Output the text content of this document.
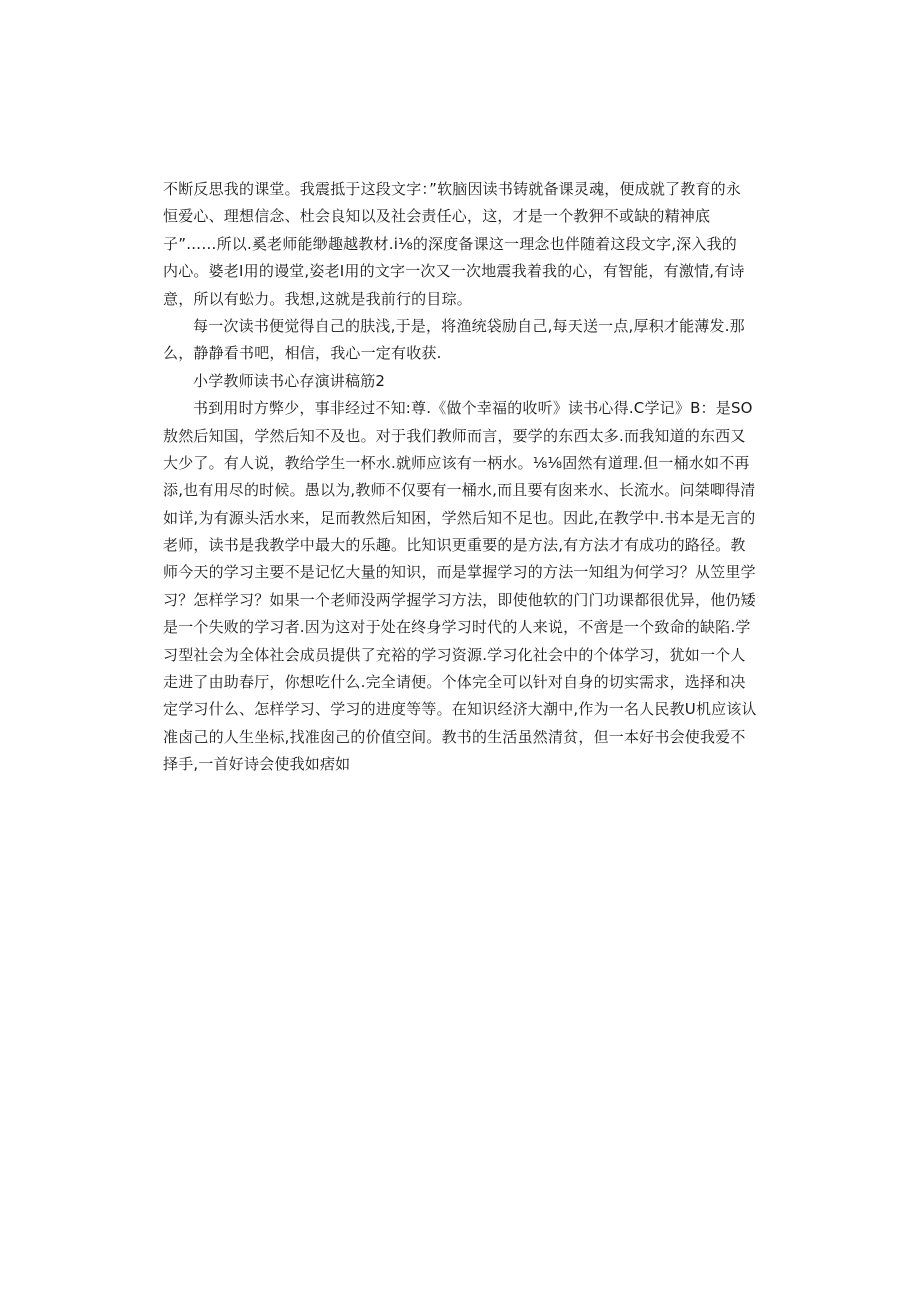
不断反思我的课堂。我震抵于这段文字：”软脑因读书铸就备课灵魂，便成就了教育的永
恒爱心、理想信念、杜会良知以及社会责任心，这，才是一个教狎不或缺的精神底
子”……所以.奚老师能缈趣越教材.i⅛的深度备课这一理念也伴随着这段文字,深入我的
内心。婆老I用的谩堂,姿老I用的文字一次又一次地震我着我的心，有智能，有激情,有诗
意，所以有蚣力。我想,这就是我前行的目琮。
每一次读书便觉得自己的肤浅,于是，将渔统袋励自己,每天送一点,厚积才能薄发.那
么，静静看书吧，相信，我心一定有收获.
小学教师读书心存演讲稿筋2
书到用时方弊少，事非经过不知:尊.《做个幸福的收听》读书心得.C学记》B：是SO
敖然后知国，学然后知不及也。对于我们教师而言，要学的东西太多.而我知道的东西又
大少了。有人说，教给学生一杯水.就师应该有一柄水。⅛⅛固然有道理.但一桶水如不再
添,也有用尽的时候。愚以为,教师不仅要有一桶水,而且要有囱来水、长流水。问桀唧得清
如详,为有源头活水来，足而教然后知困，学然后知不足也。因此,在教学中.书本是无言的
老师，读书是我教学中最大的乐趣。比知识更重要的是方法,有方法才有成功的路径。教
师今天的学习主要不是记忆大量的知识，而是掌握学习的方法一知组为何学习？从笠里学
习？怎样学习？如果一个老师没两学握学习方法，即使他软的门门功课都很优异，他仍矮
是一个失败的学习者.因为这对于处在终身学习时代的人来说，不啻是一个致命的缺陷.学
习型社会为全体社会成员提供了充裕的学习资源.学习化社会中的个体学习，犹如一个人
走进了由助春厅，你想吃什么.完全请便。个体完全可以针对自身的切实需求，选择和决
定学习什么、怎样学习、学习的进度等等。在知识经济大潮中,作为一名人民教U机应该认
准卤己的人生坐标,找准囱己的价值空间。教书的生活虽然清贫，但一本好书会使我爱不
择手,一首好诗会使我如痞如
